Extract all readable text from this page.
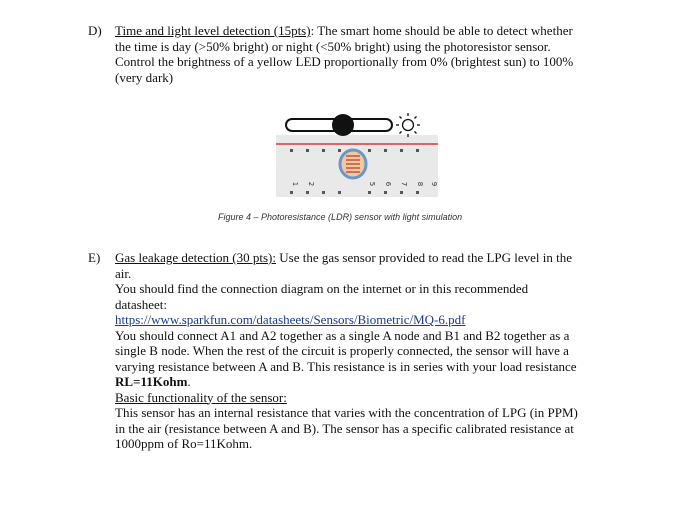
D) Time and light level detection (15pts): The smart home should be able to detect whether
the time is day (>50% bright) or night (<50% bright) using the photoresistor sensor.
Control the brightness of a yellow LED proportionally from 0% (brightest sun) to 100%
(very dark)
1 2	5 6 7 8 9
Figure 4 – Photoresistance (LDR) sensor with light simulation
E) Gas leakage detection (30 pts): Use the gas sensor provided to read the LPG level in the
air.
You should find the connection diagram on the internet or in this recommended
datasheet:
https://www.sparkfun.com/datasheets/Sensors/Biometric/MQ-6.pdf
You should connect A1 and A2 together as a single A node and B1 and B2 together as a
single B node. When the rest of the circuit is properly connected, the sensor will have a
varying resistance between A and B. This resistance is in series with your load resistance
RL=11Kohm.
Basic functionality of the sensor:
This sensor has an internal resistance that varies with the concentration of LPG (in PPM)
in the air (resistance between A and B). The sensor has a specific calibrated resistance at
1000ppm of Ro=11Kohm.
